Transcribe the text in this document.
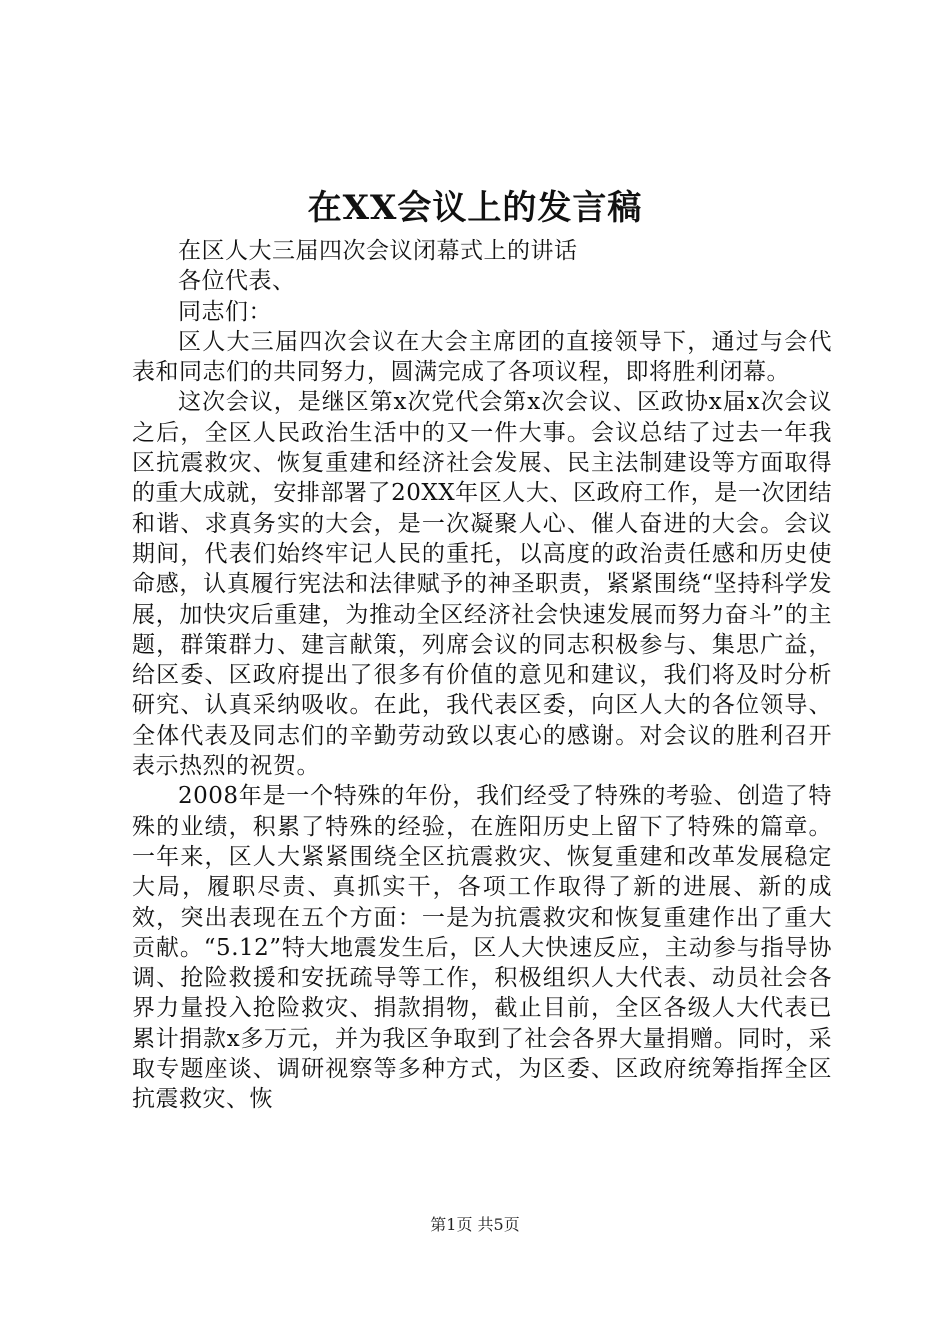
在XX会议上的发言稿

在区人大三届四次会议闭幕式上的讲话

各位代表、

同志们：

区人大三届四次会议在大会主席团的直接领导下，通过与会代表和同志们的共同努力，圆满完成了各项议程，即将胜利闭幕。

这次会议，是继区第x次党代会第x次会议、区政协x届x次会议之后，全区人民政治生活中的又一件大事。会议总结了过去一年我区抗震救灾、恢复重建和经济社会发展、民主法制建设等方面取得的重大成就，安排部署了20XX年区人大、区政府工作，是一次团结和谐、求真务实的大会，是一次凝聚人心、催人奋进的大会。会议期间，代表们始终牢记人民的重托，以高度的政治责任感和历史使命感，认真履行宪法和法律赋予的神圣职责，紧紧围绕“坚持科学发展，加快灾后重建，为推动全区经济社会快速发展而努力奋斗”的主题，群策群力、建言献策，列席会议的同志积极参与、集思广益，给区委、区政府提出了很多有价值的意见和建议，我们将及时分析研究、认真采纳吸收。在此，我代表区委，向区人大的各位领导、全体代表及同志们的辛勤劳动致以衷心的感谢。对会议的胜利召开表示热烈的祝贺。

2008年是一个特殊的年份，我们经受了特殊的考验、创造了特殊的业绩，积累了特殊的经验，在旌阳历史上留下了特殊的篇章。一年来，区人大紧紧围绕全区抗震救灾、恢复重建和改革发展稳定大局，履职尽责、真抓实干，各项工作取得了新的进展、新的成效，突出表现在五个方面：一是为抗震救灾和恢复重建作出了重大贡献。“5.12”特大地震发生后，区人大快速反应，主动参与指导协调、抢险救援和安抚疏导等工作，积极组织人大代表、动员社会各界力量投入抢险救灾、捐款捐物，截止目前，全区各级人大代表已累计捐款x多万元，并为我区争取到了社会各界大量捐赠。同时，采取专题座谈、调研视察等多种方式，为区委、区政府统筹指挥全区抗震救灾、恢

第1页 共5页
